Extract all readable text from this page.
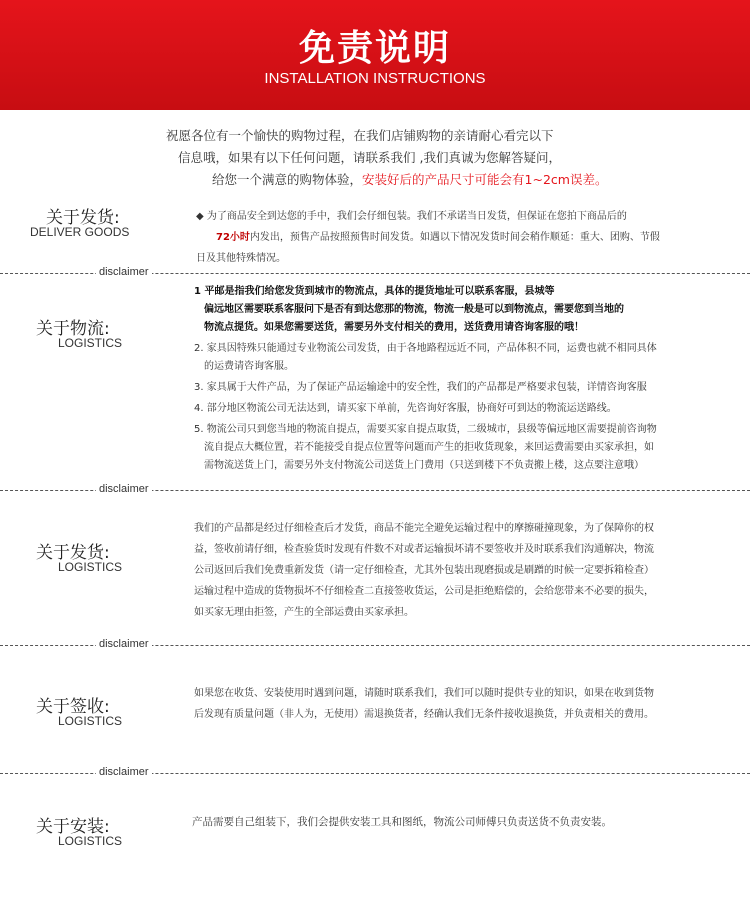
免责说明
INSTALLATION INSTRUCTIONS
祝愿各位有一个愉快的购物过程，在我们店铺购物的亲请耐心看完以下
信息哦，如果有以下任何问题，请联系我们 ,我们真诚为您解答疑问，
给您一个满意的购物体验，安装好后的产品尺寸可能会有1~2cm误差。
关于发货:
DELIVER GOODS
◆ 为了商品安全到达您的手中，我们会仔细包装。我们不承诺当日发货，但保证在您拍下商品后的
72小时内发出，预售产品按照预售时间发货。如遇以下情况发货时间会稍作顺延：重大、团购、节假
日及其他特殊情况。
disclaimer
关于物流:
LOGISTICS
1 平邮是指我们给您发货到城市的物流点，具体的提货地址可以联系客服，县城等
偏远地区需要联系客服问下是否有到达您那的物流，物流一般是可以到物流点，需要您到当地的
物流点提货。如果您需要送货，需要另外支付相关的费用，送货费用请咨询客服的哦！
2. 家具因特殊只能通过专业物流公司发货，由于各地路程远近不同，产品体积不同，运费也就不相同具体
的运费请咨询客服。
3. 家具属于大件产品，为了保证产品运输途中的安全性，我们的产品都是严格要求包装，详情咨询客服
4. 部分地区物流公司无法达到，请买家下单前，先咨询好客服，协商好可到达的物流运送路线。
5. 物流公司只到您当地的物流自提点，需要买家自提点取货，二级城市，县级等偏远地区需要提前咨询物
流自提点大概位置，若不能接受自提点位置等问题而产生的拒收货现象，来回运费需要由买家承担，如
需物流送货上门，需要另外支付物流公司送货上门费用（只送到楼下不负责搬上楼，这点要注意哦）
disclaimer
关于发货:
LOGISTICS
我们的产品都是经过仔细检查后才发货，商品不能完全避免运输过程中的摩擦碰撞现象，为了保障你的权
益，签收前请仔细，检查验货时发现有件数不对或者运输损坏请不要签收并及时联系我们沟通解决，物流
公司返回后我们免费重新发货（请一定仔细检查，尤其外包装出现磨损或是刷蹭的时候一定要拆箱检查）
运输过程中造成的货物损坏不仔细检查二直接签收货运，公司是拒绝赔偿的，会给您带来不必要的损失，
如买家无理由拒签，产生的全部运费由买家承担。
disclaimer
关于签收:
LOGISTICS
如果您在收货、安装使用时遇到问题，请随时联系我们，我们可以随时提供专业的知识，如果在收到货物
后发现有质量问题（非人为，无使用）需退换货者，经确认我们无条件接收退换货，并负责相关的费用。
disclaimer
关于安装:
LOGISTICS
产品需要自己组装下，我们会提供安装工具和图纸，物流公司师傅只负责送货不负责安装。
